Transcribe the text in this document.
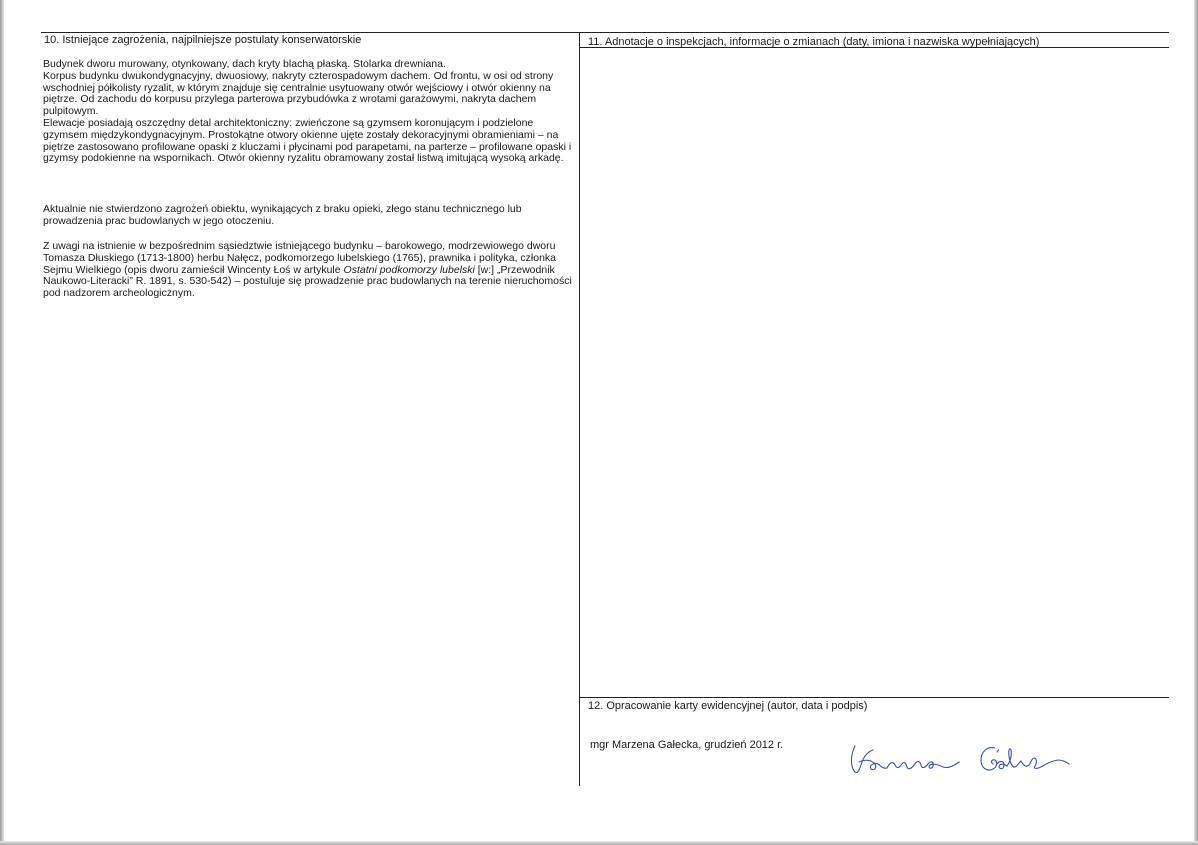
10. Istniejące zagrożenia, najpilniejsze postulaty konserwatorskie

Budynek dworu murowany, otynkowany, dach kryty blachą płaską. Stolarka drewniana.

Korpus budynku dwukondygnacyjny, dwuosiowy, nakryty czterospadowym dachem. Od frontu, w osi od strony wschodniej półkolisty ryzalit, w którym znajduje się centralnie usytuowany otwór wejściowy i otwór okienny na piętrze. Od zachodu do korpusu przylega parterowa przybudówka z wrotami garażowymi, nakryta dachem pulpitowym.

Elewacje posiadają oszczędny detal architektoniczny: zwieńczone są gzymsem koronującym i podzielone gzymsem międzykondygnacyjnym. Prostokątne otwory okienne ujęte zostały dekoracyjnymi obramieniami – na piętrze zastosowano profilowane opaski z kluczami i płycinami pod parapetami, na parterze – profilowane opaski i gzymsy podokienne na wspornikach. Otwór okienny ryzalitu obramowany został listwą imitującą wysoką arkadę.

Aktualnie nie stwierdzono zagrożeń obiektu, wynikających z braku opieki, złego stanu technicznego lub prowadzenia prac budowlanych w jego otoczeniu.
Z uwagi na istnienie w bezpośrednim sąsiedztwie istniejącego budynku – barokowego, modrzewiowego dworu Tomasza Dłuskiego (1713-1800) herbu Nałęcz, podkomorzego lubelskiego (1765), prawnika i polityka, członka Sejmu Wielkiego (opis dworu zamieścił Wincenty Łoś w artykule Ostatni podkomorzy lubelski [w:] „Przewodnik Naukowo-Literacki” R. 1891, s. 530-542) – postuluje się prowadzenie prac budowlanych na terenie nieruchomości pod nadzorem archeologicznym.
11. Adnotacje o inspekcjach, informacje o zmianach (daty, imiona i nazwiska wypełniających)
12. Opracowanie karty ewidencyjnej (autor, data i podpis)
mgr Marzena Gałecka, grudzień 2012 r.
